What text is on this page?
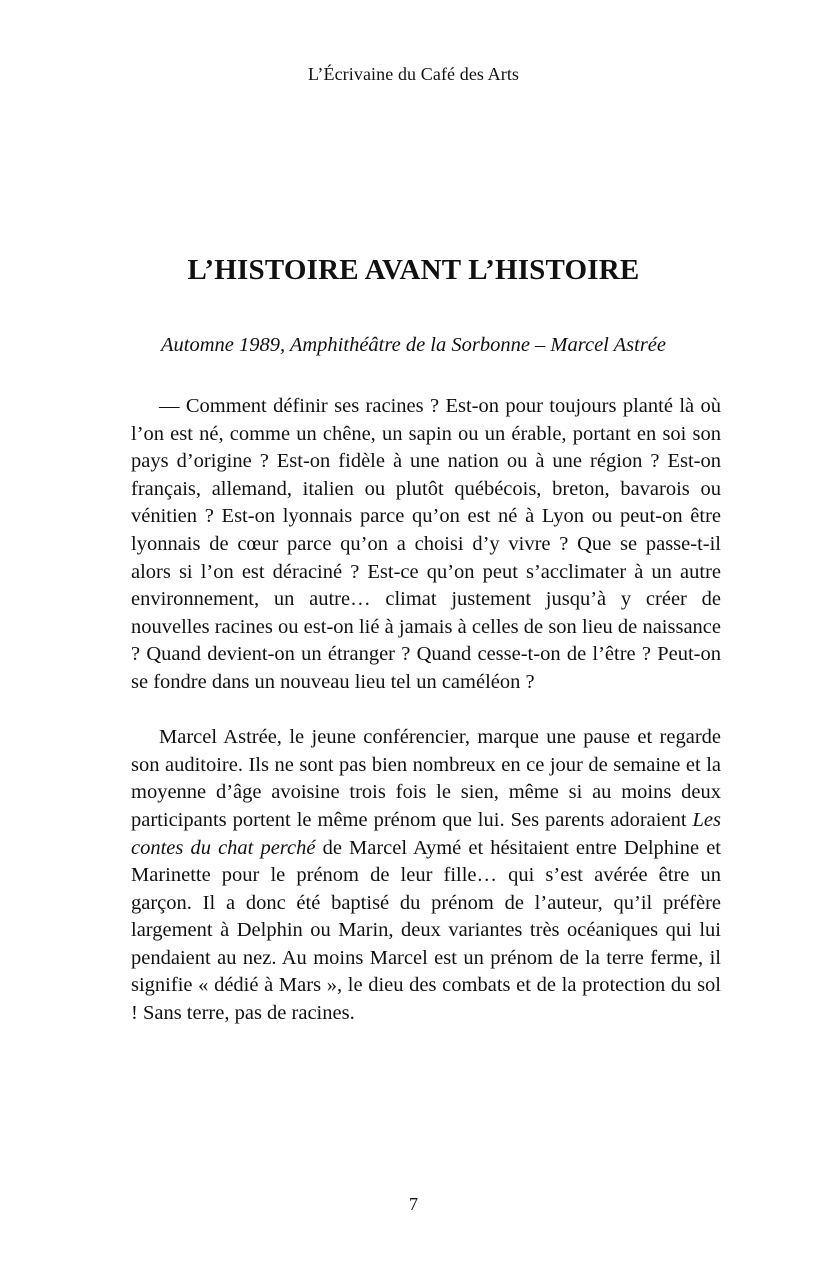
L’Écrivaine du Café des Arts
L’HISTOIRE AVANT L’HISTOIRE
Automne 1989, Amphithéâtre de la Sorbonne – Marcel Astrée

— Comment définir ses racines ? Est-on pour toujours planté là où l’on est né, comme un chêne, un sapin ou un érable, portant en soi son pays d’origine ? Est-on fidèle à une nation ou à une région ? Est-on français, allemand, italien ou plutôt québécois, breton, bavarois ou vénitien ? Est-on lyonnais parce qu’on est né à Lyon ou peut-on être lyonnais de cœur parce qu’on a choisi d’y vivre ? Que se passe-t-il alors si l’on est déraciné ? Est-ce qu’on peut s’acclimater à un autre environnement, un autre… climat justement jusqu’à y créer de nouvelles racines ou est-on lié à jamais à celles de son lieu de naissance ? Quand devient-on un étranger ? Quand cesse-t-on de l’être ? Peut-on se fondre dans un nouveau lieu tel un caméléon ?

Marcel Astrée, le jeune conférencier, marque une pause et regarde son auditoire. Ils ne sont pas bien nombreux en ce jour de semaine et la moyenne d’âge avoisine trois fois le sien, même si au moins deux participants portent le même prénom que lui. Ses parents adoraient Les contes du chat perché de Marcel Aymé et hésitaient entre Delphine et Marinette pour le prénom de leur fille… qui s’est avérée être un garçon. Il a donc été baptisé du prénom de l’auteur, qu’il préfère largement à Delphin ou Marin, deux variantes très océaniques qui lui pendaient au nez. Au moins Marcel est un prénom de la terre ferme, il signifie « dédié à Mars », le dieu des combats et de la protection du sol ! Sans terre, pas de racines.

7
